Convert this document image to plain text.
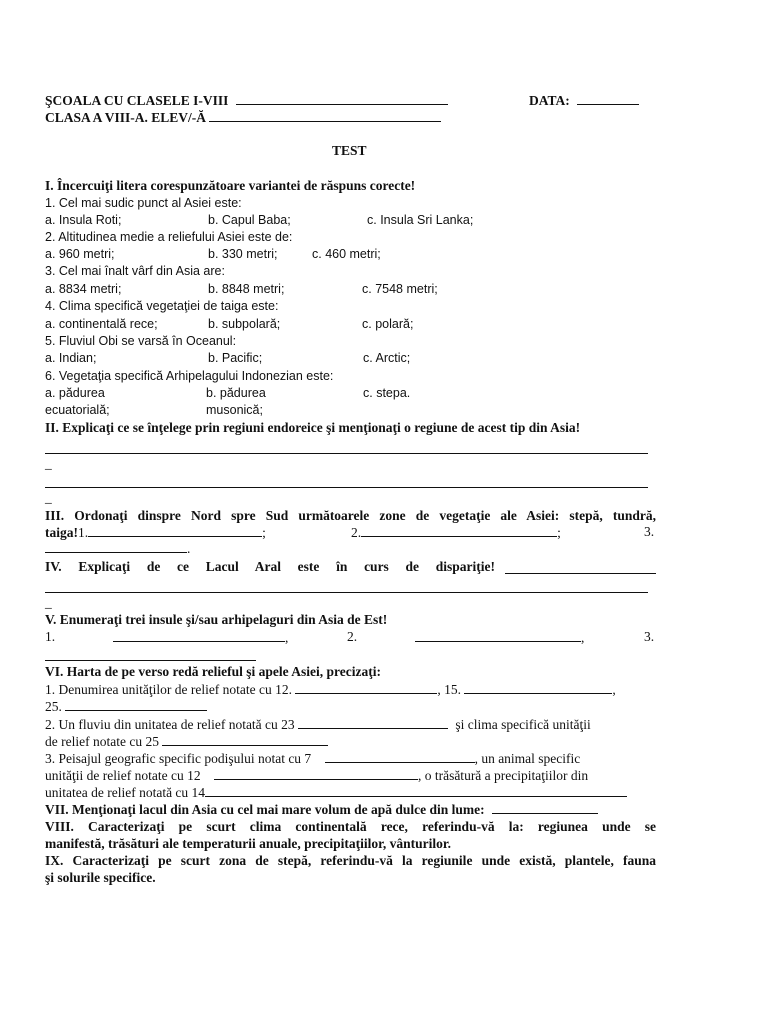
ŞCOALA CU CLASELE I-VIII	DATA:
CLASA A VIII-A. ELEV/-Ă
TEST
I. Încercuiţi litera corespunzătoare variantei de răspuns corecte!
1. Cel mai sudic punct al Asiei este:
a. Insula Roti;	b. Capul Baba;	c. Insula Sri Lanka;
2. Altitudinea medie a reliefului Asiei este de:
a. 960 metri;	b. 330 metri;	c. 460 metri;
3. Cel mai înalt vârf din Asia are:
a. 8834 metri;	b. 8848 metri;	c. 7548 metri;
4. Clima specifică vegetaţiei de taiga este:
a. continentală rece;	b. subpolară;	c. polară;
5. Fluviul Obi se varsă în Oceanul:
a. Indian;	b. Pacific;	c. Arctic;
6. Vegetaţia specifică Arhipelagului Indonezian este:
a. pădurea
ecuatorială;
b. pădurea
musonică;
c. stepa.
II. Explicaţi ce se înţelege prin regiuni endoreice şi menţionaţi o regiune de acest tip din Asia!
_
_
III. Ordonaţi dinspre Nord spre Sud următoarele zone de vegetaţie ale Asiei: stepă, tundră,
taiga!1.	;	2.	;	3.
.
IV. Explicaţi de ce Lacul Aral este în curs de dispariţie!
_
V. Enumeraţi trei insule şi/sau arhipelaguri din Asia de Est!
1.	,	2.	,	3.
VI. Harta de pe verso redă relieful şi apele Asiei, precizaţi:
1. Denumirea unităţilor de relief notate cu 12.	, 15.	,
25.
2. Un fluviu din unitatea de relief notată cu 23	şi clima specifică unităţii
de relief notate cu 25
3. Peisajul geografic specific podişului notat cu 7	, un animal specific
unităţii de relief notate cu 12	, o trăsătură a precipitaţiilor din
unitatea de relief notată cu 14
VII. Menţionaţi lacul din Asia cu cel mai mare volum de apă dulce din lume:
VIII. Caracterizaţi pe scurt clima continentală rece, referindu-vă la: regiunea unde se
manifestă, trăsături ale temperaturii anuale, precipitaţiilor, vânturilor.
IX. Caracterizaţi pe scurt zona de stepă, referindu-vă la regiunile unde există, plantele, fauna
şi solurile specifice.
